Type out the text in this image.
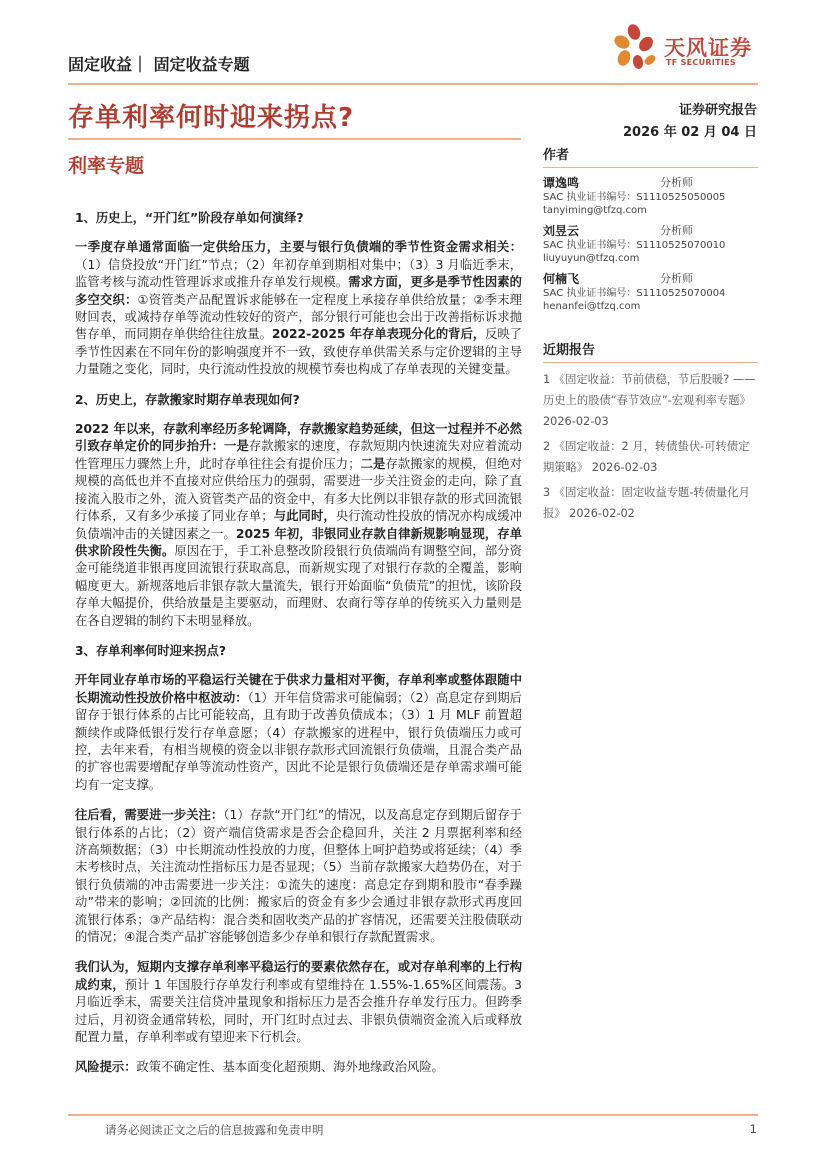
固定收益｜ 固定收益专题
天风证券
TF SECURITIES
存单利率何时迎来拐点?	证券研究报告
2026 年 02 月 04 日
利率专题
1、历史上，“开门红”阶段存单如何演绎?

一季度存单通常面临一定供给压力，主要与银行负债端的季节性资金需求相关：（1）信贷投放“开门红”节点；（2）年初存单到期相对集中；（3）3 月临近季末，监管考核与流动性管理诉求或推升存单发行规模。需求方面，更多是季节性因素的多空交织：①资管类产品配置诉求能够在一定程度上承接存单供给放量；②季末理财回表，或减持存单等流动性较好的资产，部分银行可能也会出于改善指标诉求抛售存单，而同期存单供给往往放量。2022-2025 年存单表现分化的背后，反映了季节性因素在不同年份的影响强度并不一致，致使存单供需关系与定价逻辑的主导力量随之变化，同时，央行流动性投放的规模节奏也构成了存单表现的关键变量。

2、历史上，存款搬家时期存单表现如何?

2022 年以来，存款利率经历多轮调降，存款搬家趋势延续，但这一过程并不必然引致存单定价的同步抬升：一是存款搬家的速度，存款短期内快速流失对应着流动性管理压力骤然上升，此时存单往往会有提价压力；二是存款搬家的规模，但绝对规模的高低也并不直接对应供给压力的强弱，需要进一步关注资金的走向，除了直接流入股市之外，流入资管类产品的资金中，有多大比例以非银存款的形式回流银行体系，又有多少承接了同业存单；与此同时，央行流动性投放的情况亦构成缓冲负债端冲击的关键因素之一。2025 年初，非银同业存款自律新规影响显现，存单供求阶段性失衡。原因在于，手工补息整改阶段银行负债端尚有调整空间，部分资金可能绕道非银再度回流银行获取高息，而新规实现了对银行存款的全覆盖，影响幅度更大。新规落地后非银存款大量流失，银行开始面临“负债荒”的担忧，该阶段存单大幅提价，供给放量是主要驱动，而理财、农商行等存单的传统买入力量则是在各自逻辑的制约下未明显释放。

3、存单利率何时迎来拐点?

开年同业存单市场的平稳运行关键在于供求力量相对平衡，存单利率或整体跟随中长期流动性投放价格中枢波动：（1）开年信贷需求可能偏弱；（2）高息定存到期后留存于银行体系的占比可能较高，且有助于改善负债成本；（3）1 月 MLF 前置超额续作或降低银行发行存单意愿；（4）存款搬家的进程中，银行负债端压力或可控，去年来看，有相当规模的资金以非银存款形式回流银行负债端，且混合类产品的扩容也需要增配存单等流动性资产，因此不论是银行负债端还是存单需求端可能均有一定支撑。

往后看，需要进一步关注：（1）存款“开门红”的情况，以及高息定存到期后留存于银行体系的占比；（2）资产端信贷需求是否会企稳回升，关注 2 月票据利率和经济高频数据；（3）中长期流动性投放的力度，但整体上呵护趋势或将延续；（4）季末考核时点，关注流动性指标压力是否显现；（5）当前存款搬家大趋势仍在，对于银行负债端的冲击需要进一步关注：①流失的速度：高息定存到期和股市“春季躁动”带来的影响；②回流的比例：搬家后的资金有多少会通过非银存款形式再度回流银行体系；③产品结构：混合类和固收类产品的扩容情况，还需要关注股债联动的情况；④混合类产品扩容能够创造多少存单和银行存款配置需求。

我们认为，短期内支撑存单利率平稳运行的要素依然存在，或对存单利率的上行构成约束，预计 1 年国股行存单发行利率或有望维持在 1.55%-1.65%区间震荡。3 月临近季末，需要关注信贷冲量现象和指标压力是否会推升存单发行压力。但跨季过后，月初资金通常转松，同时，开门红时点过去、非银负债端资金流入后或释放配置力量，存单利率或有望迎来下行机会。

风险提示：政策不确定性、基本面变化超预期、海外地缘政治风险。

作者
谭逸鸣	分析师
SAC 执业证书编号：S1110525050005
tanyiming@tfzq.com
刘昱云	分析师
SAC 执业证书编号：S1110525070010
liuyuyun@tfzq.com
何楠飞	分析师
SAC 执业证书编号：S1110525070004
henanfei@tfzq.com
近期报告
1 《固定收益：节前债稳，节后股暖? ——历史上的股债“春节效应”-宏观利率专题》 2026-02-03
2 《固定收益：2 月，转债蛰伏-可转债定期策略》 2026-02-03
3 《固定收益：固定收益专题-转债量化月报》 2026-02-02
请务必阅读正文之后的信息披露和免责申明	1
